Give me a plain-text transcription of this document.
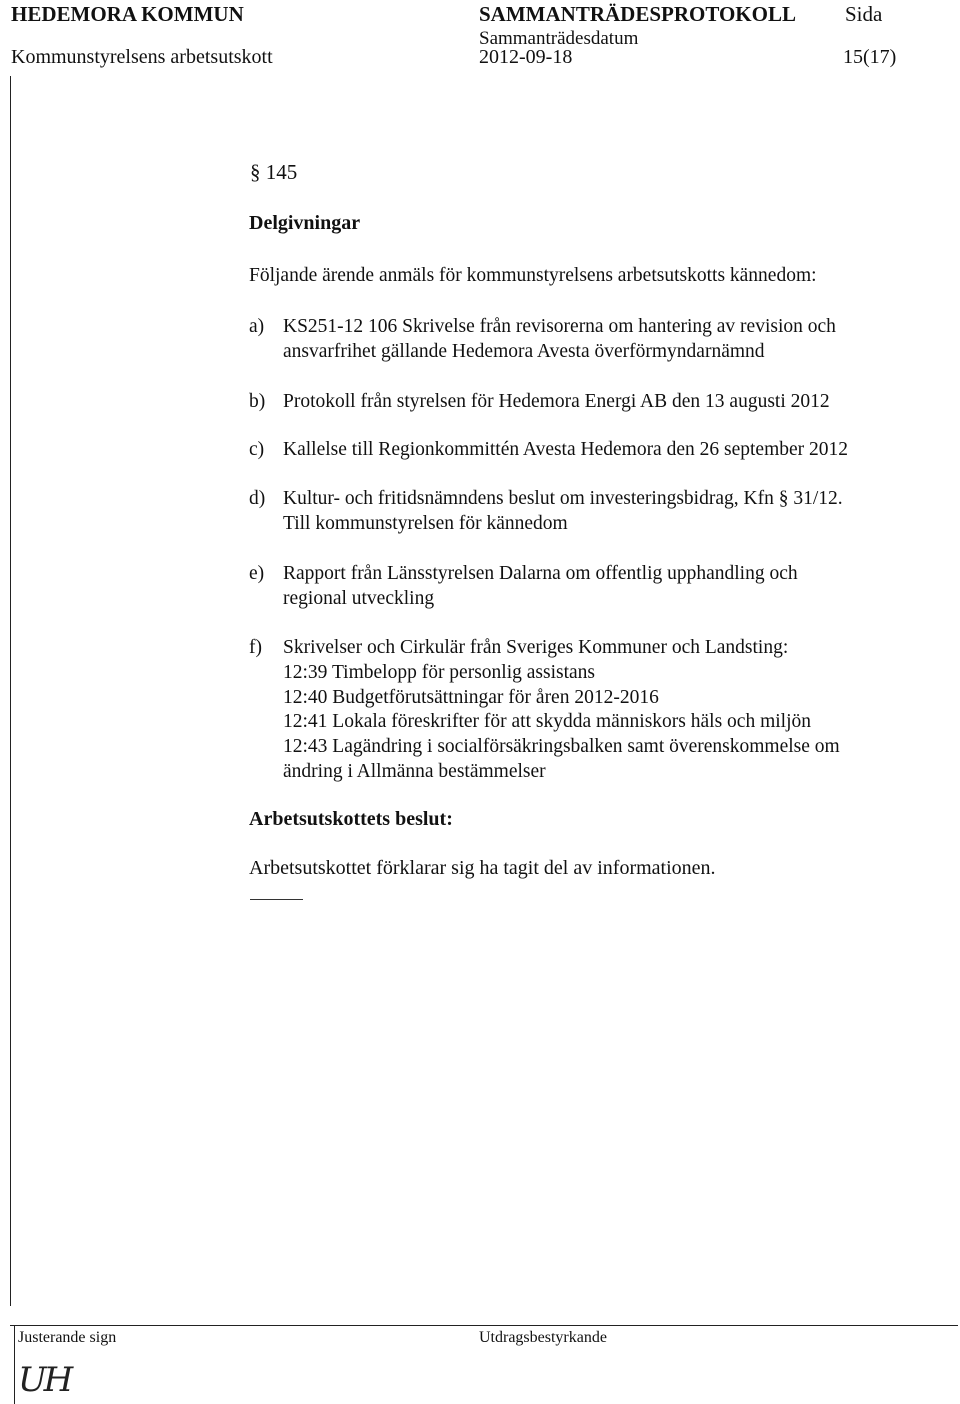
HEDEMORA KOMMUN	SAMMANTRÄDESPROTOKOLL Sida
Sammanträdesdatum
Kommunstyrelsens arbetsutskott	2012-09-18	15(17)
§ 145
Delgivningar
Följande ärende anmäls för kommunstyrelsens arbetsutskotts kännedom:
a) KS251-12 106 Skrivelse från revisorerna om hantering av revision och
ansvarfrihet gällande Hedemora Avesta överförmyndarnämnd
b) Protokoll från styrelsen för Hedemora Energi AB den 13 augusti 2012
c) Kallelse till Regionkommittén Avesta Hedemora den 26 september 2012
d) Kultur- och fritidsnämndens beslut om investeringsbidrag, Kfn § 31/12.
Till kommunstyrelsen för kännedom
e) Rapport från Länsstyrelsen Dalarna om offentlig upphandling och
regional utveckling
f) Skrivelser och Cirkulär från Sveriges Kommuner och Landsting:
12:39 Timbelopp för personlig assistans
12:40 Budgetförutsättningar för åren 2012-2016
12:41 Lokala föreskrifter för att skydda människors häls och miljön
12:43 Lagändring i socialförsäkringsbalken samt överenskommelse om
ändring i Allmänna bestämmelser
Arbetsutskottets beslut:
Arbetsutskottet förklarar sig ha tagit del av informationen.
Justerande sign	Utdragsbestyrkande
UH
